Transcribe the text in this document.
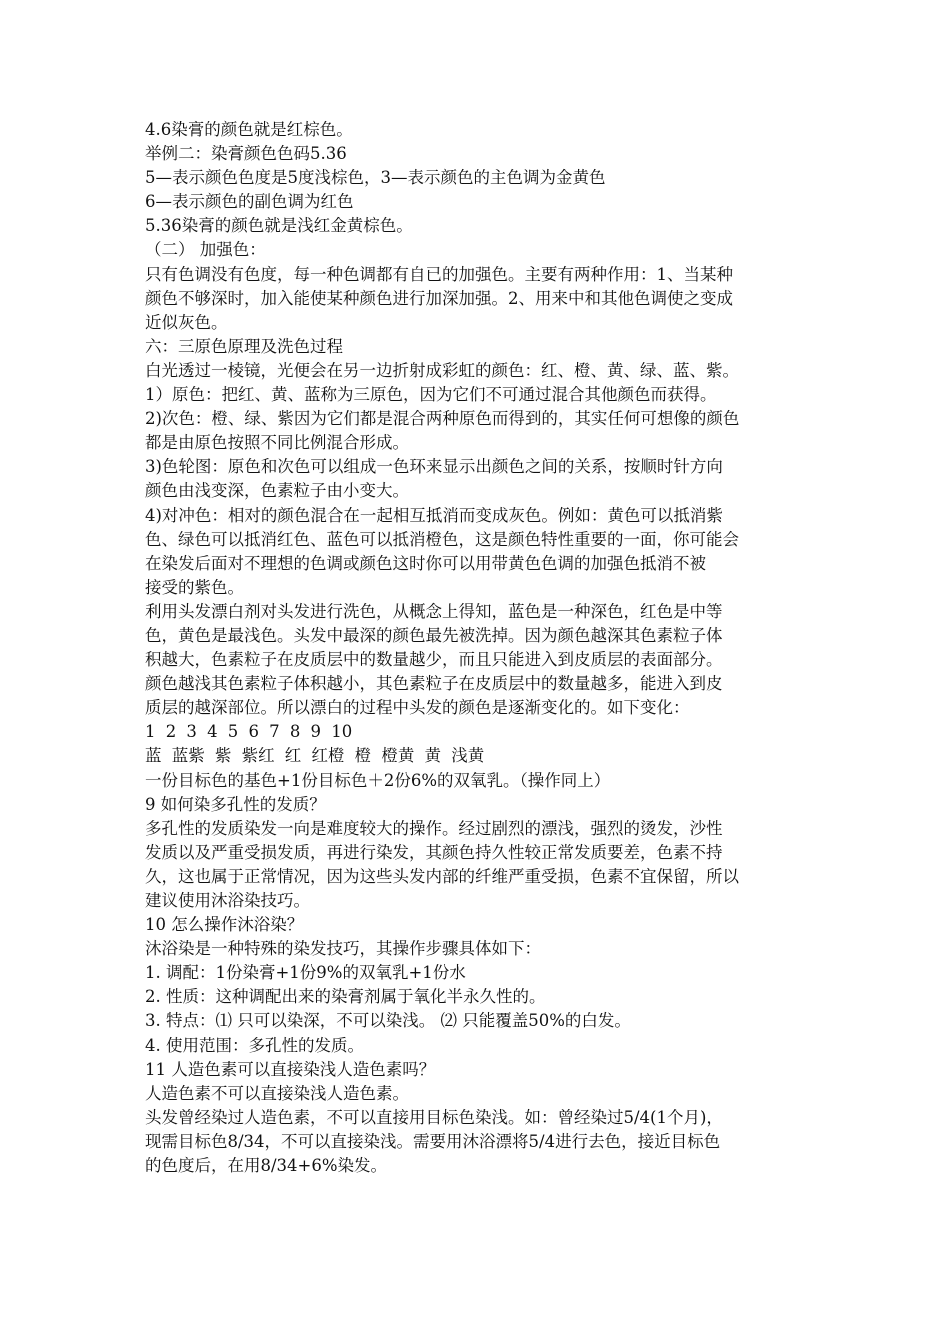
4.6染膏的颜色就是红棕色。
举例二：染膏颜色色码5.36
5—表示颜色色度是5度浅棕色，3—表示颜色的主色调为金黄色
6—表示颜色的副色调为红色
5.36染膏的颜色就是浅红金黄棕色。
（二） 加强色：
只有色调没有色度，每一种色调都有自已的加强色。主要有两种作用：1、当某种
颜色不够深时，加入能使某种颜色进行加深加强。2、用来中和其他色调使之变成
近似灰色。
六：三原色原理及洗色过程
白光透过一棱镜，光便会在另一边折射成彩虹的颜色：红、橙、黄、绿、蓝、紫。
1）原色：把红、黄、蓝称为三原色，因为它们不可通过混合其他颜色而获得。
2)次色：橙、绿、紫因为它们都是混合两种原色而得到的，其实任何可想像的颜色
都是由原色按照不同比例混合形成。
3)色轮图：原色和次色可以组成一色环来显示出颜色之间的关系，按顺时针方向
颜色由浅变深，色素粒子由小变大。
4)对冲色：相对的颜色混合在一起相互抵消而变成灰色。例如：黄色可以抵消紫
色、绿色可以抵消红色、蓝色可以抵消橙色，这是颜色特性重要的一面，你可能会
在染发后面对不理想的色调或颜色这时你可以用带黄色色调的加强色抵消不被
接受的紫色。
利用头发漂白剂对头发进行洗色，从概念上得知，蓝色是一种深色，红色是中等
色，黄色是最浅色。头发中最深的颜色最先被洗掉。因为颜色越深其色素粒子体
积越大，色素粒子在皮质层中的数量越少，而且只能进入到皮质层的表面部分。
颜色越浅其色素粒子体积越小，其色素粒子在皮质层中的数量越多，能进入到皮
质层的越深部位。所以漂白的过程中头发的颜色是逐渐变化的。如下变化：
1 2 3 4 5 6 7 8 9 10
蓝 蓝紫 紫 紫红 红 红橙 橙 橙黄 黄 浅黄
一份目标色的基色+1份目标色＋2份6%的双氧乳。（操作同上）
9 如何染多孔性的发质？
多孔性的发质染发一向是难度较大的操作。经过剧烈的漂浅，强烈的烫发，沙性
发质以及严重受损发质，再进行染发，其颜色持久性较正常发质要差，色素不持
久，这也属于正常情况，因为这些头发内部的纤维严重受损，色素不宜保留，所以
建议使用沐浴染技巧。
10 怎么操作沐浴染？
沐浴染是一种特殊的染发技巧，其操作步骤具体如下：
1. 调配：1份染膏+1份9%的双氧乳+1份水
2. 性质：这种调配出来的染膏剂属于氧化半永久性的。
3. 特点：⑴ 只可以染深，不可以染浅。 ⑵ 只能覆盖50%的白发。
4. 使用范围：多孔性的发质。
11 人造色素可以直接染浅人造色素吗？
人造色素不可以直接染浅人造色素。
头发曾经染过人造色素，不可以直接用目标色染浅。如：曾经染过5/4(1个月)，
现需目标色8/34，不可以直接染浅。需要用沐浴漂将5/4进行去色，接近目标色
的色度后，在用8/34+6%染发。
